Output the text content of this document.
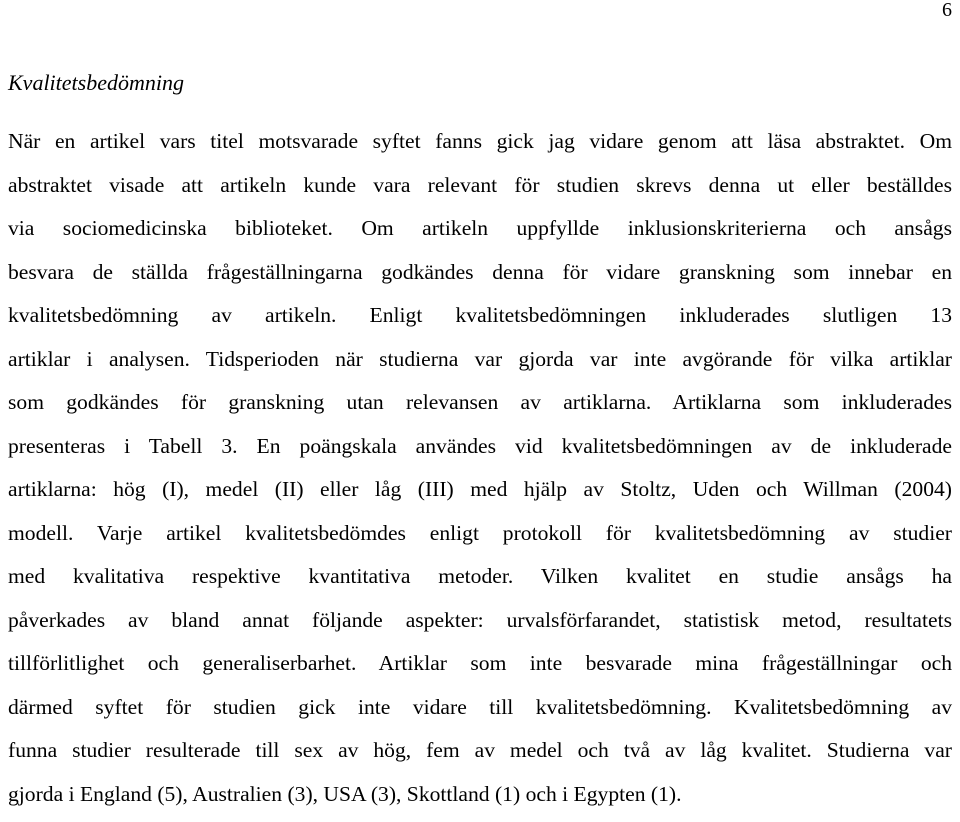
6
Kvalitetsbedömning
När en artikel vars titel motsvarade syftet fanns gick jag vidare genom att läsa abstraktet. Om
abstraktet visade att artikeln kunde vara relevant för studien skrevs denna ut eller beställdes
via sociomedicinska biblioteket. Om artikeln uppfyllde inklusionskriterierna och ansågs
besvara de ställda frågeställningarna godkändes denna för vidare granskning som innebar en
kvalitetsbedömning av artikeln. Enligt kvalitetsbedömningen inkluderades slutligen 13
artiklar i analysen. Tidsperioden när studierna var gjorda var inte avgörande för vilka artiklar
som godkändes för granskning utan relevansen av artiklarna. Artiklarna som inkluderades
presenteras i Tabell 3. En poängskala användes vid kvalitetsbedömningen av de inkluderade
artiklarna: hög (I), medel (II) eller låg (III) med hjälp av Stoltz, Uden och Willman (2004)
modell. Varje artikel kvalitetsbedömdes enligt protokoll för kvalitetsbedömning av studier
med kvalitativa respektive kvantitativa metoder. Vilken kvalitet en studie ansågs ha
påverkades av bland annat följande aspekter: urvalsförfarandet, statistisk metod, resultatets
tillförlitlighet och generaliserbarhet. Artiklar som inte besvarade mina frågeställningar och
därmed syftet för studien gick inte vidare till kvalitetsbedömning. Kvalitetsbedömning av
funna studier resulterade till sex av hög, fem av medel och två av låg kvalitet. Studierna var
gjorda i England (5), Australien (3), USA (3), Skottland (1) och i Egypten (1).
